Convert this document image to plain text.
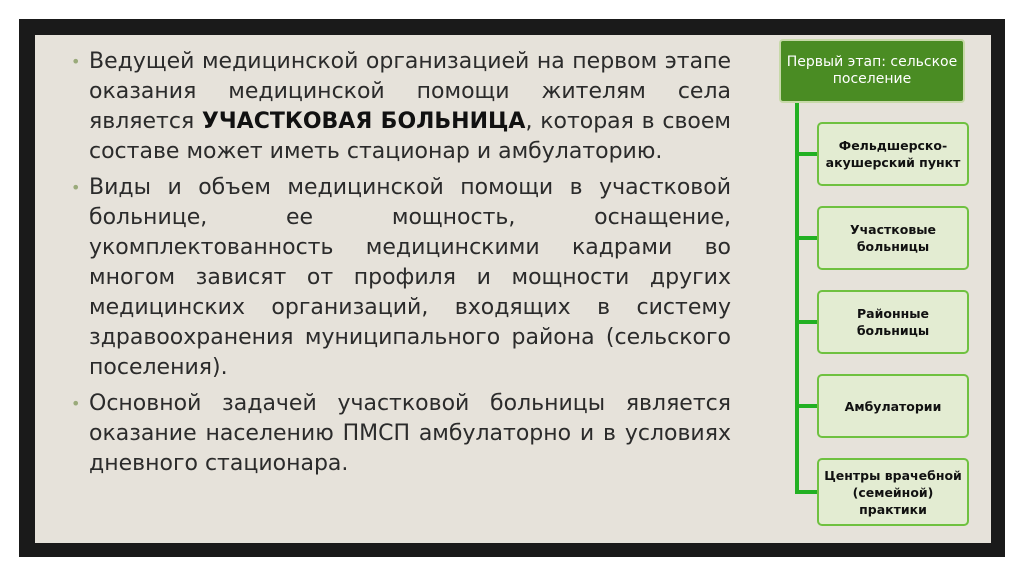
• Ведущей медицинской организацией на первом этапе оказания медицинской помощи жителям села является УЧАСТКОВАЯ БОЛЬНИЦА, которая в своем составе может иметь стационар и амбулаторию.
• Виды и объем медицинской помощи в участковой больнице, ее мощность, оснащение, укомплектованность медицинскими кадрами во многом зависят от профиля и мощности других медицинских организаций, входящих в систему здравоохранения муниципального района (сельского поселения).
• Основной задачей участковой больницы является оказание населению ПМСП амбулаторно и в условиях дневного стационара.
Первый этап: сельское поселение
Фельдшерско-акушерский пункт
Участковые больницы
Районные больницы
Амбулатории
Центры врачебной (семейной) практики
